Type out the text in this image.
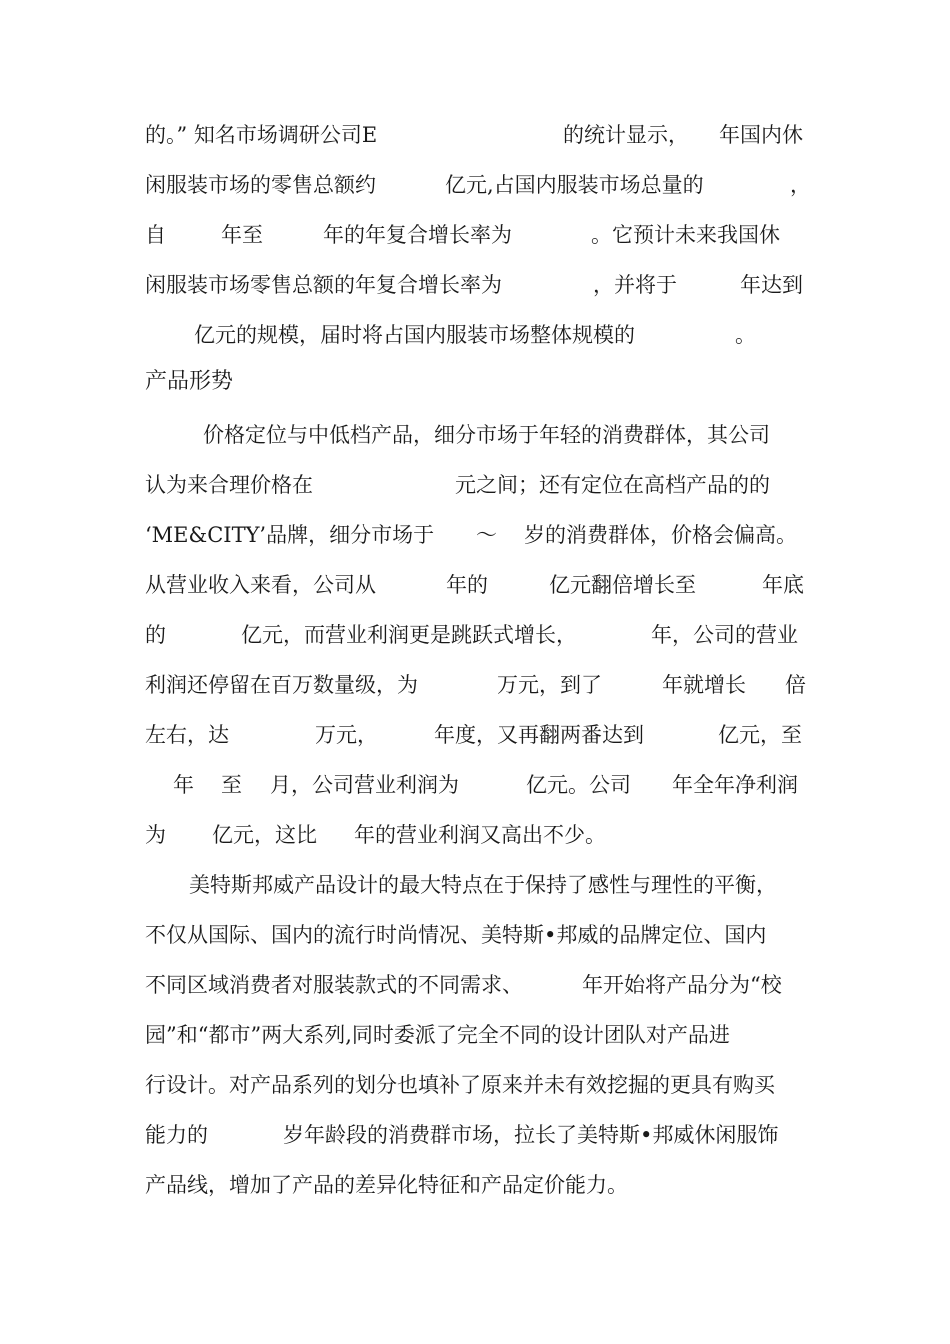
的。” 知名市场调研公司E

	的统计显示，

年国内休

闲服装市场的零售总额约

	亿元,占国内服装市场总量的

	，

自

	年至

	年的年复合增长率为

	。它预计未来我国休

闲服装市场零售总额的年复合增长率为

	，并将于

	年达到

亿元的规模，届时将占国内服装市场整体规模的

	。

产品形势

价格定位与中低档产品，细分市场于年轻的消费群体，其公司

认为来合理价格在

	元之间；还有定位在高档产品的的

‘ME&CITY’品牌，细分市场于

～

岁的消费群体，价格会偏高。

从营业收入来看，公司从

	年的

	亿元翻倍增长至

	年底

的

	亿元，而营业利润更是跳跃式增长，

	年，公司的营业

利润还停留在百万数量级，为

	万元，到了

	年就增长

倍

左右，达

	万元，

	年度，又再翻两番达到

	亿元，至

年

至

月，公司营业利润为

	亿元。公司

年全年净利润

为

亿元，这比

年的营业利润又高出不少。

美特斯邦威产品设计的最大特点在于保持了感性与理性的平衡，

不仅从国际、国内的流行时尚情况、美特斯•邦威的品牌定位、国内

不同区域消费者对服装款式的不同需求、

	年开始将产品分为“校

园”和“都市”两大系列,同时委派了完全不同的设计团队对产品进

行设计。对产品系列的划分也填补了原来并未有效挖掘的更具有购买

能力的

	岁年龄段的消费群市场，拉长了美特斯•邦威休闲服饰

产品线，增加了产品的差异化特征和产品定价能力。
